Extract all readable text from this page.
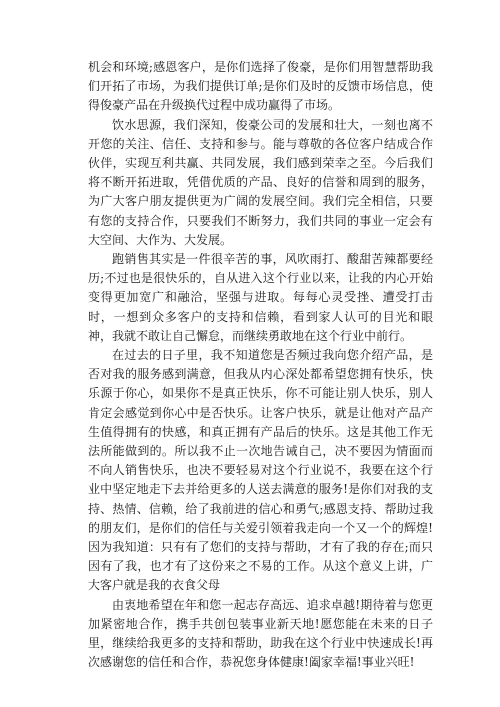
机会和环境;感恩客户，是你们选择了俊豪，是你们用智慧帮助我们开拓了市场，为我们提供订单;是你们及时的反馈市场信息，使得俊豪产品在升级换代过程中成功赢得了市场。

饮水思源，我们深知，俊豪公司的发展和壮大，一刻也离不开您的关注、信任、支持和参与。能与尊敬的各位客户结成合作伙伴，实现互利共赢、共同发展，我们感到荣幸之至。今后我们将不断开拓进取，凭借优质的产品、良好的信誉和周到的服务，为广大客户朋友提供更为广阔的发展空间。我们完全相信，只要有您的支持合作，只要我们不断努力，我们共同的事业一定会有大空间、大作为、大发展。

跑销售其实是一件很辛苦的事，风吹雨打、酸甜苦辣都要经历;不过也是很快乐的，自从进入这个行业以来，让我的内心开始变得更加宽广和融洽，坚强与进取。每每心灵受挫、遭受打击时，一想到众多客户的支持和信赖，看到家人认可的目光和眼神，我就不敢让自己懈怠，而继续勇敢地在这个行业中前行。

在过去的日子里，我不知道您是否频过我向您介绍产品，是否对我的服务感到满意，但我从内心深处都希望您拥有快乐，快乐源于你心，如果你不是真正快乐，你不可能让别人快乐，别人肯定会感觉到你心中是否快乐。让客户快乐，就是让他对产品产生值得拥有的快感，和真正拥有产品后的快乐。这是其他工作无法所能做到的。所以我不止一次地告诫自己，决不要因为情面而不向人销售快乐，也决不要轻易对这个行业说不，我要在这个行业中坚定地走下去并给更多的人送去满意的服务!是你们对我的支持、热情、信赖，给了我前进的信心和勇气;感恩支持、帮助过我的朋友们，是你们的信任与关爱引领着我走向一个又一个的辉煌!因为我知道：只有有了您们的支持与帮助，才有了我的存在;而只因有了我，也才有了这份来之不易的工作。从这个意义上讲，广大客户就是我的衣食父母

由衷地希望在年和您一起志存高远、追求卓越!期待着与您更加紧密地合作，携手共创包装事业新天地!愿您能在未来的日子里，继续给我更多的支持和帮助，助我在这个行业中快速成长!再次感谢您的信任和合作，恭祝您身体健康!阖家幸福!事业兴旺!
